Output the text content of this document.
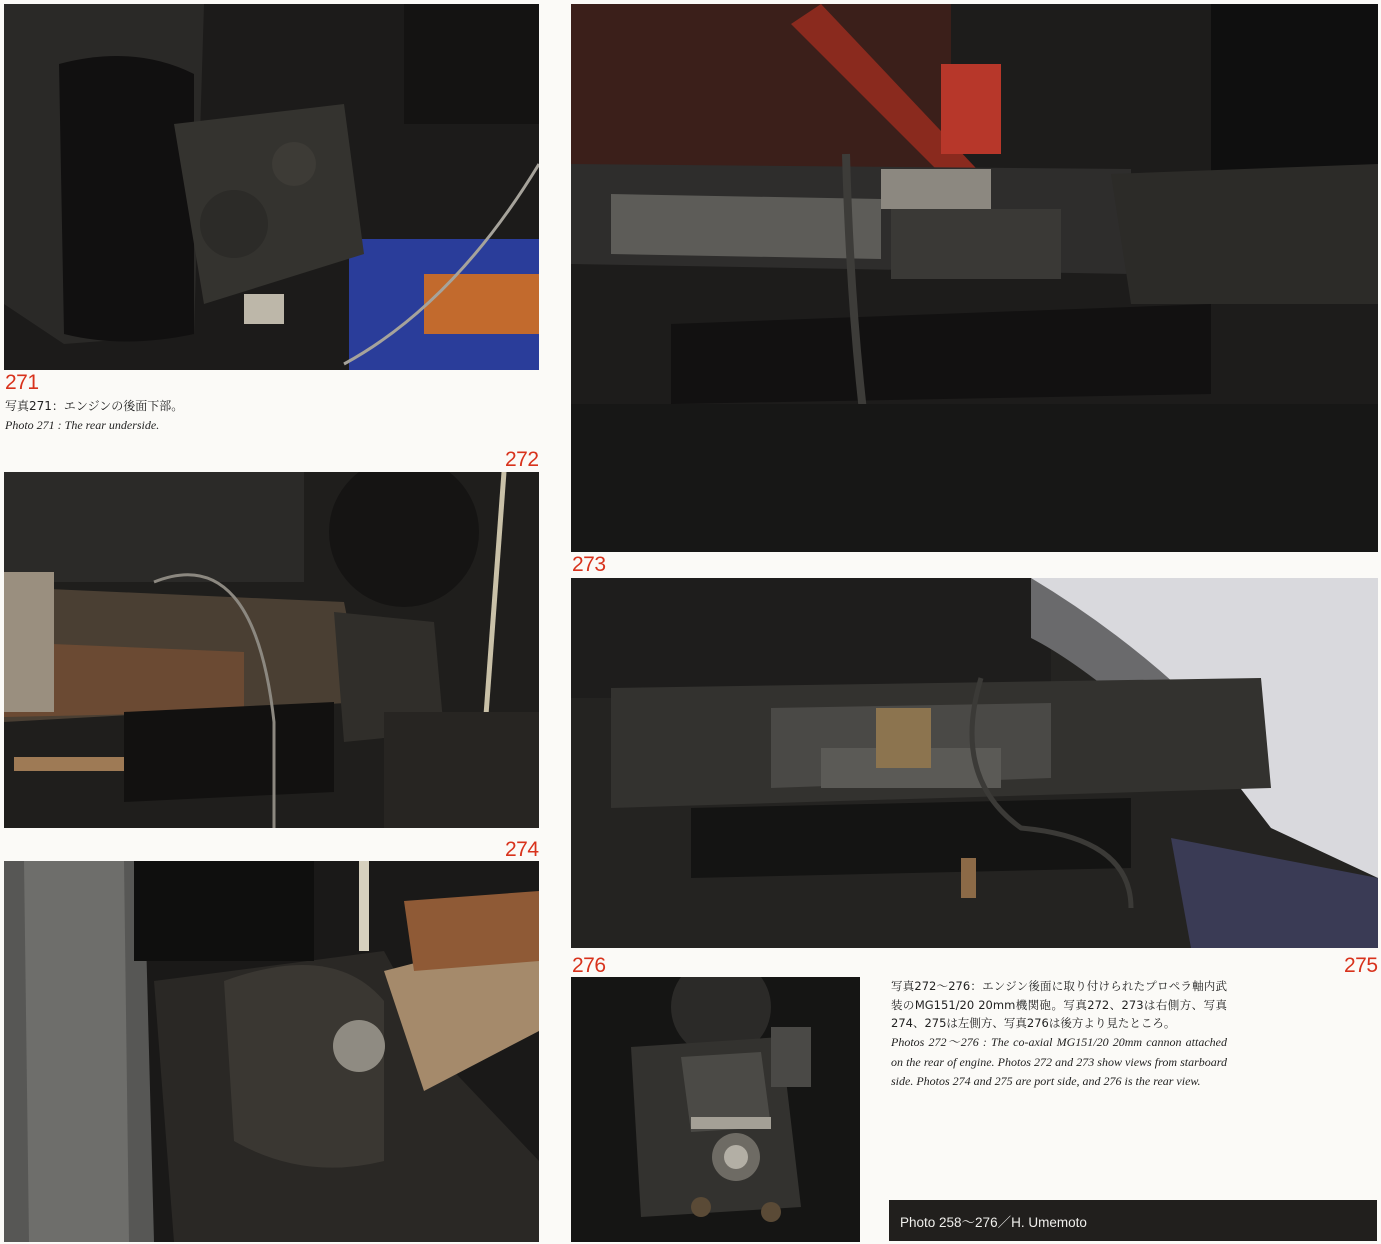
271
写真271：エンジンの後面下部。
Photo 271 : The rear underside.
272
274
273
275
276
写真272〜276：エンジン後面に取り付けられたプロペラ軸内武装のMG151/20 20mm機関砲。写真272、273は右側方、写真274、275は左側方、写真276は後方より見たところ。
Photos 272〜276 : The co-axial MG151/20 20mm cannon attached on the rear of engine. Photos 272 and 273 show views from starboard side. Photos 274 and 275 are port side, and 276 is the rear view.
Photo 258〜276／H. Umemoto
